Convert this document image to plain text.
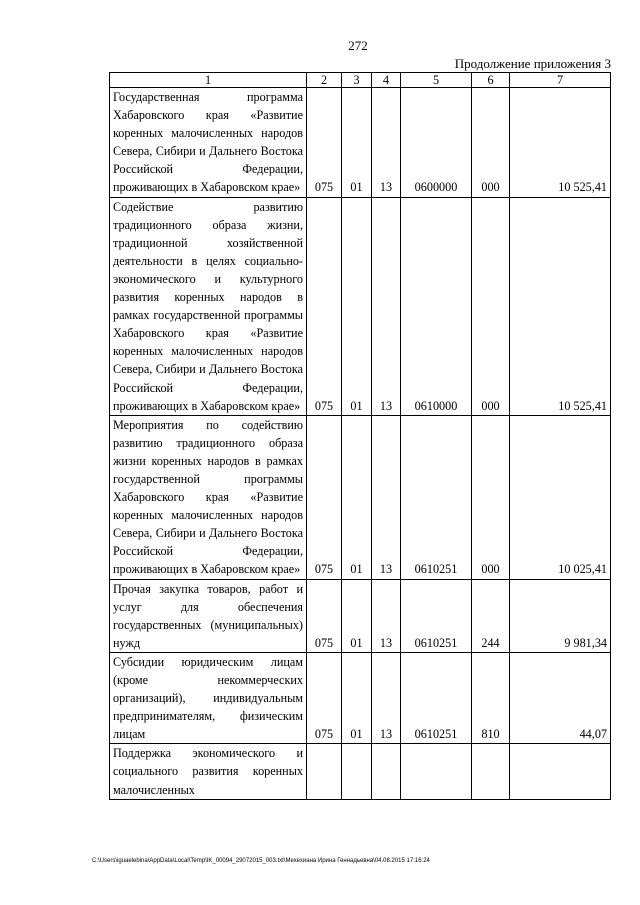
272
Продолжение приложения 3
1	2	3	4	5	6	7
Государственная программа Хабаровского края «Развитие коренных малочисленных народов Севера, Сибири и Дальнего Востока Российской Федерации, проживающих в Хабаровском крае»	075	01	13	0600000	000	10 525,41
Содействие развитию традиционного образа жизни, традиционной хозяйственной деятельности в целях социально-экономического и культурного развития коренных народов в рамках государственной программы Хабаровского края «Развитие коренных малочисленных народов Севера, Сибири и Дальнего Востока Российской Федерации, проживающих в Хабаровском крае»	075	01	13	0610000	000	10 525,41
Мероприятия по содействию развитию традиционного образа жизни коренных народов в рамках государственной программы Хабаровского края «Развитие коренных малочисленных народов Севера, Сибири и Дальнего Востока Российской Федерации, проживающих в Хабаровском крае»	075	01	13	0610251	000	10 025,41
Прочая закупка товаров, работ и услуг для обеспечения государственных (муниципальных) нужд	075	01	13	0610251	244	9 981,34
Субсидии юридическим лицам (кроме некоммерческих организаций), индивидуальным предпринимателям, физическим лицам	075	01	13	0610251	810	44,07
Поддержка экономического и социального развития коренных малочисленных						
C:\Users\iguaelebina\AppData\Local\Temp\IK_00094_29072015_003.txt\Мехехиана Ирина Геннадьевна\04.08.2015 17:16:24
